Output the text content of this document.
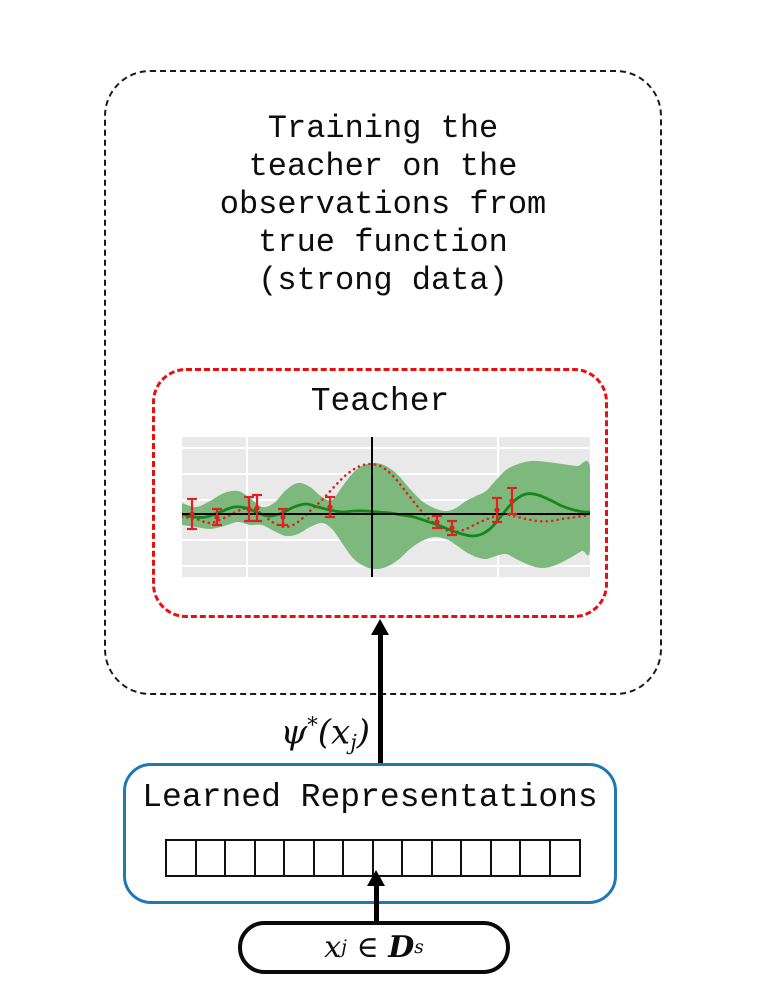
Training the
teacher on the
observations from
true function
(strong data)
Teacher
$\psi^*(x_j)$
Learned Representations
x j
∈
D s
